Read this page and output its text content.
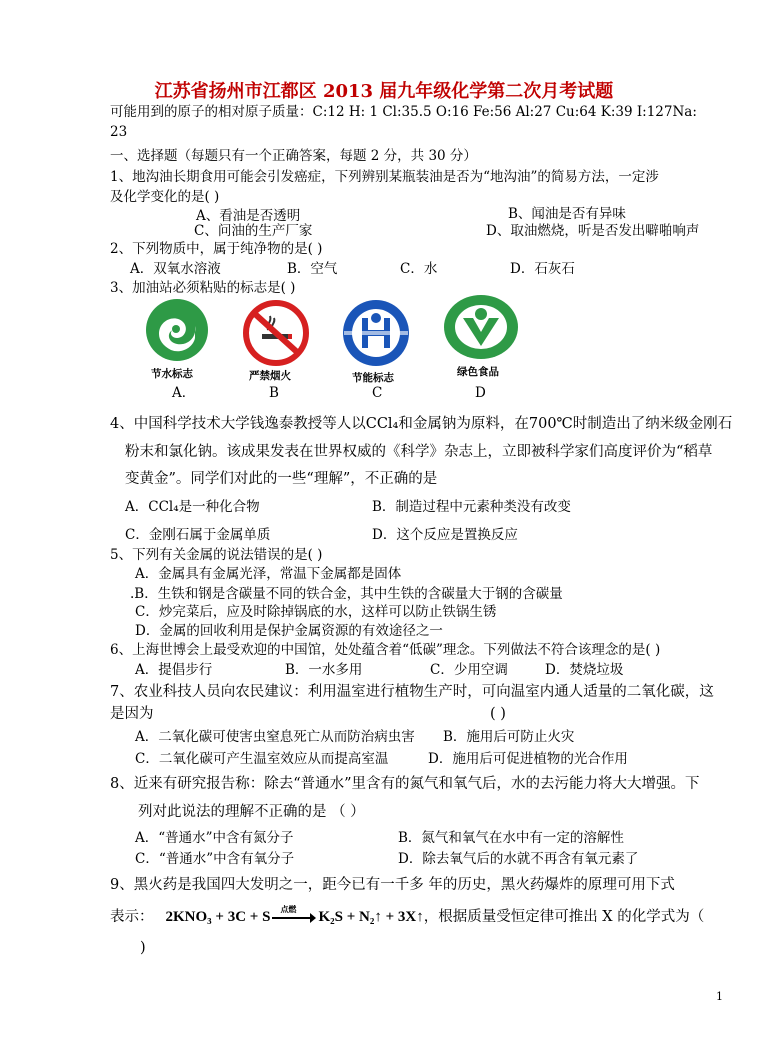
江苏省扬州市江都区 2013 届九年级化学第二次月考试题
可能用到的原子的相对原子质量：C:12 H: 1 Cl:35.5 O:16 Fe:56 Al:27 Cu:64 K:39 I:127Na:
23
一、选择题（每题只有一个正确答案，每题 2 分，共 30 分）
1、地沟油长期食用可能会引发癌症，下列辨别某瓶装油是否为“地沟油”的简易方法，一定涉
及化学变化的是( )
A、看油是否透明	B、闻油是否有异味
C、问油的生产厂家	D、取油燃烧，听是否发出噼啪响声
2、下列物质中，属于纯净物的是( )
A．双氧水溶液	B．空气	C．水	D．石灰石
3、加油站必须粘贴的标志是( )
节水标志
A．
严禁烟火
B
节能标志
C
绿色食品
D
4、中国科学技术大学钱逸泰教授等人以CCl₄和金属钠为原料，在700℃时制造出了纳米级金刚石
粉末和氯化钠。该成果发表在世界权威的《科学》杂志上，立即被科学家们高度评价为“稻草
变黄金”。同学们对此的一些“理解”，不正确的是
A．CCl₄是一种化合物	B．制造过程中元素种类没有改变
C．金刚石属于金属单质	D．这个反应是置换反应
5、下列有关金属的说法错误的是( )
A．金属具有金属光泽，常温下金属都是固体
.B．生铁和钢是含碳量不同的铁合金，其中生铁的含碳量大于钢的含碳量
C．炒完菜后，应及时除掉锅底的水，这样可以防止铁锅生锈
D．金属的回收利用是保护金属资源的有效途径之一
6、上海世博会上最受欢迎的中国馆，处处蕴含着“低碳”理念。下列做法不符合该理念的是( )
A．提倡步行	B．一水多用	C．少用空调	D．焚烧垃圾
7、农业科技人员向农民建议：利用温室进行植物生产时，可向温室内通人适量的二氧化碳，这
是因为	( )
A．二氧化碳可使害虫窒息死亡从而防治病虫害 B．施用后可防止火灾
C．二氧化碳可产生温室效应从而提高室温	D．施用后可促进植物的光合作用
8、近来有研究报告称：除去“普通水”里含有的氮气和氧气后，水的去污能力将大大增强。下
列对此说法的理解不正确的是 （ ）
A．“普通水”中含有氮分子	B．氮气和氧气在水中有一定的溶解性
C．“普通水”中含有氧分子	D．除去氧气后的水就不再含有氧元素了
9、黑火药是我国四大发明之一，距今已有一千多 年的历史，黑火药爆炸的原理可用下式
表示： 2KNO₃ + 3C + S 点燃 K₂S + N₂↑ + 3X↑，根据质量受恒定律可推出 X 的化学式为（
)
1
